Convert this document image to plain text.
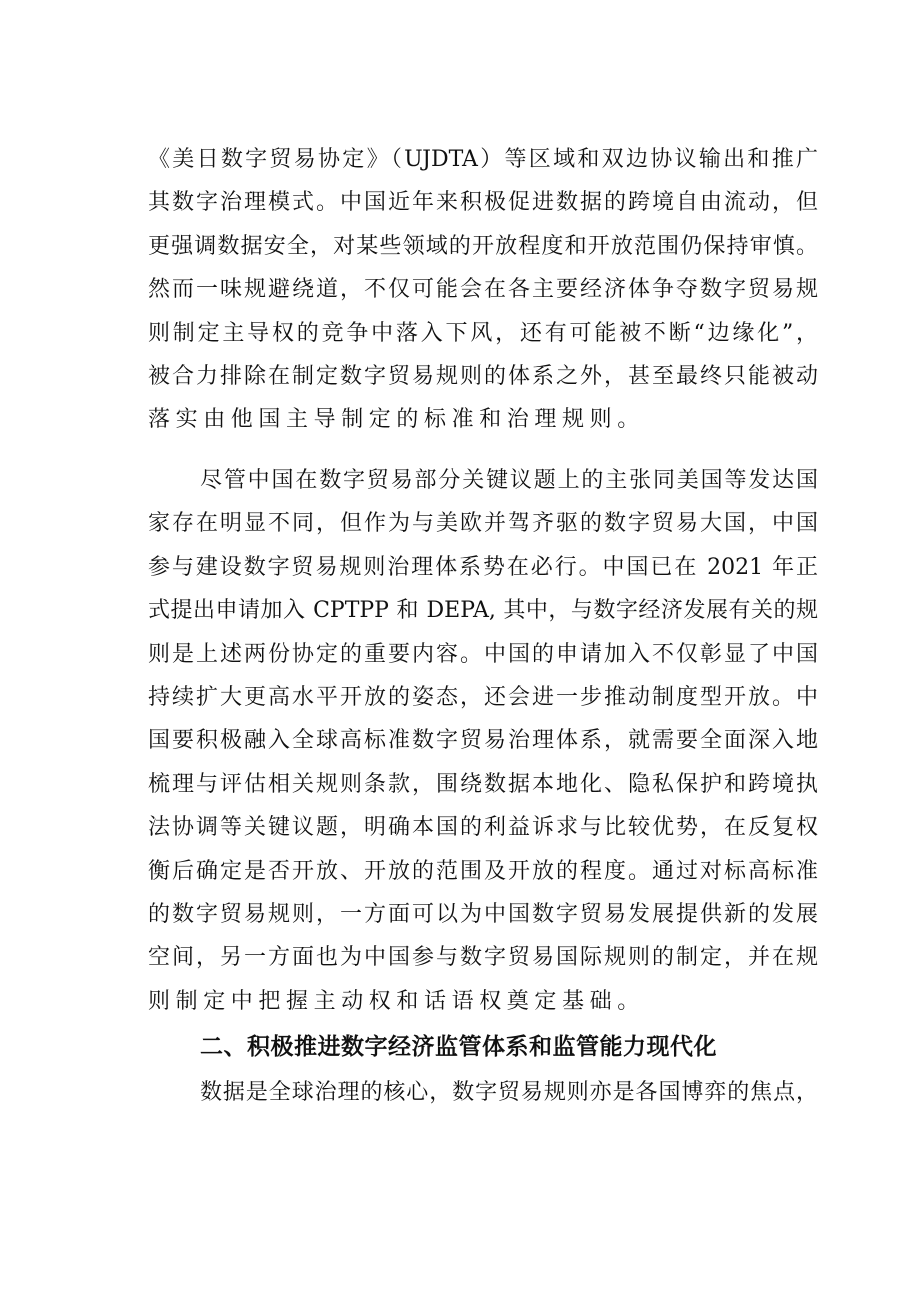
《美日数字贸易协定》（UJDTA）等区域和双边协议输出和推广
其数字治理模式。中国近年来积极促进数据的跨境自由流动，但
更强调数据安全，对某些领域的开放程度和开放范围仍保持审慎。
然而一味规避绕道，不仅可能会在各主要经济体争夺数字贸易规
则制定主导权的竞争中落入下风，还有可能被不断“边缘化”，
被合力排除在制定数字贸易规则的体系之外，甚至最终只能被动
落实由他国主导制定的标准和治理规则。
尽管中国在数字贸易部分关键议题上的主张同美国等发达国
家存在明显不同，但作为与美欧并驾齐驱的数字贸易大国，中国
参与建设数字贸易规则治理体系势在必行。中国已在 2021 年正
式提出申请加入 CPTPP 和 DEPA, 其中，与数字经济发展有关的规
则是上述两份协定的重要内容。中国的申请加入不仅彰显了中国
持续扩大更高水平开放的姿态，还会进一步推动制度型开放。中
国要积极融入全球高标准数字贸易治理体系，就需要全面深入地
梳理与评估相关规则条款，围绕数据本地化、隐私保护和跨境执
法协调等关键议题，明确本国的利益诉求与比较优势，在反复权
衡后确定是否开放、开放的范围及开放的程度。通过对标高标准
的数字贸易规则，一方面可以为中国数字贸易发展提供新的发展
空间，另一方面也为中国参与数字贸易国际规则的制定，并在规
则制定中把握主动权和话语权奠定基础。
二、积极推进数字经济监管体系和监管能力现代化
数据是全球治理的核心，数字贸易规则亦是各国博弈的焦点，
